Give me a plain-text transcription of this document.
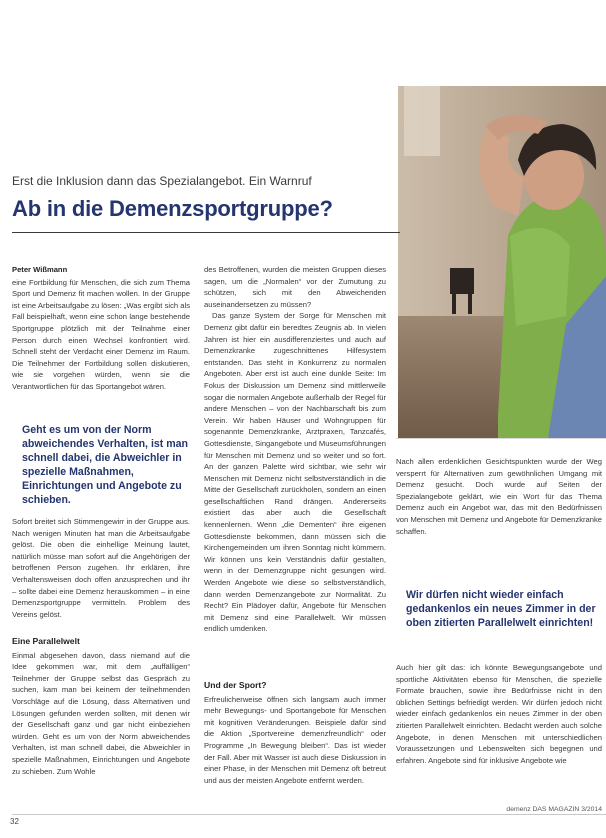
Erst die Inklusion dann das Spezialangebot. Ein Warnruf
Ab in die Demenzsportgruppe?
Peter Wißmann

eine Fortbildung für Menschen, die sich zum Thema Sport und Demenz fit machen wollen. In der Gruppe ist eine Arbeitsaufgabe zu lösen: „Was ergibt sich als Fall beispielhaft, wenn eine schon lange bestehende Sportgruppe plötzlich mit der Teilnahme einer Person durch einen Wechsel konfrontiert wird. Schnell steht der Verdacht einer Demenz im Raum. Die Teilnehmer der Fortbildung sollen diskutieren, wie sie vorgehen würden, wenn sie die Verantwortlichen für das Sportangebot wären.

Geht es um von der Norm abweichendes Verhalten, ist man schnell dabei, die Abweichler in spezielle Maßnahmen, Einrichtungen und Angebote zu schieben.

Sofort breitet sich Stimmengewirr in der Gruppe aus. Nach wenigen Minuten hat man die Arbeitsaufgabe gelöst. Die oben die einhellige Meinung lautet, natürlich müsse man sofort auf die Angehörigen der betroffenen Person zugehen. Ihr erklären, ihre Verhaltensweisen doch offen anzusprechen und ihr – sollte dabei eine Demenz herauskommen – in eine Demenzsportgruppe vermitteln. Problem des Vereins gelöst.

Eine Parallelwelt

Einmal abgesehen davon, dass niemand auf die Idee gekommen war, mit dem „auffälligen“ Teilnehmer der Gruppe selbst das Gespräch zu suchen, kam man bei keinem der teilnehmenden Vorschläge auf die Lösung, dass Alternativen und Lösungen gefunden werden sollten, mit denen wir der Gesellschaft ganz und gar nicht einbeziehen würden. Geht es um von der Norm abweichendes Verhalten, ist man schnell dabei, die Abweichler in spezielle Maßnahmen, Einrichtungen und Angebote zu schieben. Zum Wohle

des Betroffenen, wurden die meisten Gruppen dieses sagen, um die „Normalen“ vor der Zumutung zu schützen, sich mit den Abweichenden auseinandersetzen zu müssen?

Das ganze System der Sorge für Menschen mit Demenz gibt dafür ein beredtes Zeugnis ab. In vielen Jahren ist hier ein ausdifferenziertes und auch auf Demenzkranke zugeschnittenes Hilfesystem entstanden. Das steht in Konkurrenz zu normalen Angeboten. Aber erst ist auch eine dunkle Seite: Im Fokus der Diskussion um Demenz sind mittlerweile sogar die normalen Angebote außerhalb der Regel für andere Menschen – von der Nachbarschaft bis zum Verein. Wir haben Häuser und Wohngruppen für sogenannte Demenzkranke, Arztpraxen, Tanzcafés, Gottesdienste, Singangebote und Museumsführungen für Menschen mit Demenz und so weiter und so fort. An der ganzen Palette wird sichtbar, wie sehr wir Menschen mit Demenz nicht selbstverständlich in die Mitte der Gesellschaft zurückholen, sondern an einen gesellschaftlichen Rand drängen. Andererseits existiert das aber auch die Gesellschaft kennenlernen. Wenn „die Dementen“ ihre eigenen Gottesdienste bekommen, dann müssen sich die Kirchengemeinden um ihren Sonntag nicht kümmern. Wir können uns kein Verständnis dafür gestalten, wenn in der Demenzgruppe nicht gesungen wird. Werden Angebote wie diese so selbstverständlich, dann werden Demenzangebote zur Normalität. Zu Recht? Ein Plädoyer dafür, Angebote für Menschen mit Demenz sind eine Parallelwelt. Wir müssen endlich umdenken.

Und der Sport?

Erfreulicherweise öffnen sich langsam auch immer mehr Bewegungs- und Sportangebote für Menschen mit kognitiven Veränderungen. Beispiele dafür sind die Aktion „Sportvereine demenzfreundlich“ oder Programme „In Bewegung bleiben“. Das ist wieder der Fall. Aber mit Wasser ist auch diese Diskussion in einer Phase, in der Menschen mit Demenz oft betreut und aus der meisten Angebote entfernt werden.

Nach allen erdenklichen Gesichtspunkten wurde der Weg versperrt für Alternativen zum gewöhnlichen Umgang mit Demenz gesucht. Doch wurde auf Seiten der Spezialangebote geklärt, wie ein Wort für das Thema Demenz auch ein Angebot war, das mit den Bedürfnissen von Menschen mit Demenz und Angebote für Demenzkranke schaffen.

Wir dürfen nicht wieder einfach gedankenlos ein neues Zimmer in der oben zitierten Parallelwelt einrichten!

Auch hier gilt das: ich könnte Bewegungsangebote und sportliche Aktivitäten ebenso für Menschen, die spezielle Formate brauchen, sowie ihre Bedürfnisse nicht in den üblichen Settings befriedigt werden. Wir dürfen jedoch nicht wieder einfach gedankenlos ein neues Zimmer in der oben zitierten Parallelwelt einrichten. Bedacht werden auch solche Angebote, in denen Menschen mit unterschiedlichen Voraussetzungen und Lebenswelten sich begegnen und erfahren. Angebote sind für inklusive Angebote wie

32
demenz DAS MAGAZIN 3/2014
